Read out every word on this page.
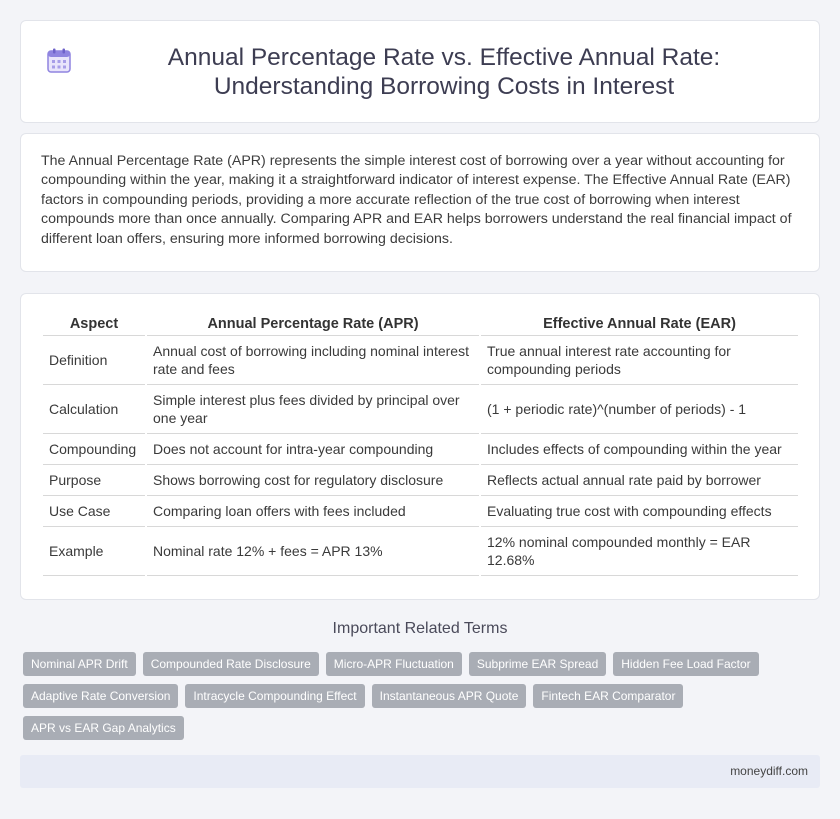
Annual Percentage Rate vs. Effective Annual Rate: Understanding Borrowing Costs in Interest

The Annual Percentage Rate (APR) represents the simple interest cost of borrowing over a year without accounting for compounding within the year, making it a straightforward indicator of interest expense. The Effective Annual Rate (EAR) factors in compounding periods, providing a more accurate reflection of the true cost of borrowing when interest compounds more than once annually. Comparing APR and EAR helps borrowers understand the real financial impact of different loan offers, ensuring more informed borrowing decisions.

Aspect	Annual Percentage Rate (APR)	Effective Annual Rate (EAR)
Definition	Annual cost of borrowing including nominal interest rate and fees	True annual interest rate accounting for compounding periods
Calculation	Simple interest plus fees divided by principal over one year	(1 + periodic rate)^(number of periods) - 1
Compounding	Does not account for intra-year compounding	Includes effects of compounding within the year
Purpose	Shows borrowing cost for regulatory disclosure	Reflects actual annual rate paid by borrower
Use Case	Comparing loan offers with fees included	Evaluating true cost with compounding effects
Example	Nominal rate 12% + fees = APR 13%	12% nominal compounded monthly = EAR 12.68%
Important Related Terms
Nominal APR Drift	Compounded Rate Disclosure	Micro-APR Fluctuation	Subprime EAR Spread	Hidden Fee Load Factor
Adaptive Rate Conversion	Intracycle Compounding Effect	Instantaneous APR Quote	Fintech EAR Comparator
APR vs EAR Gap Analytics
moneydiff.com
